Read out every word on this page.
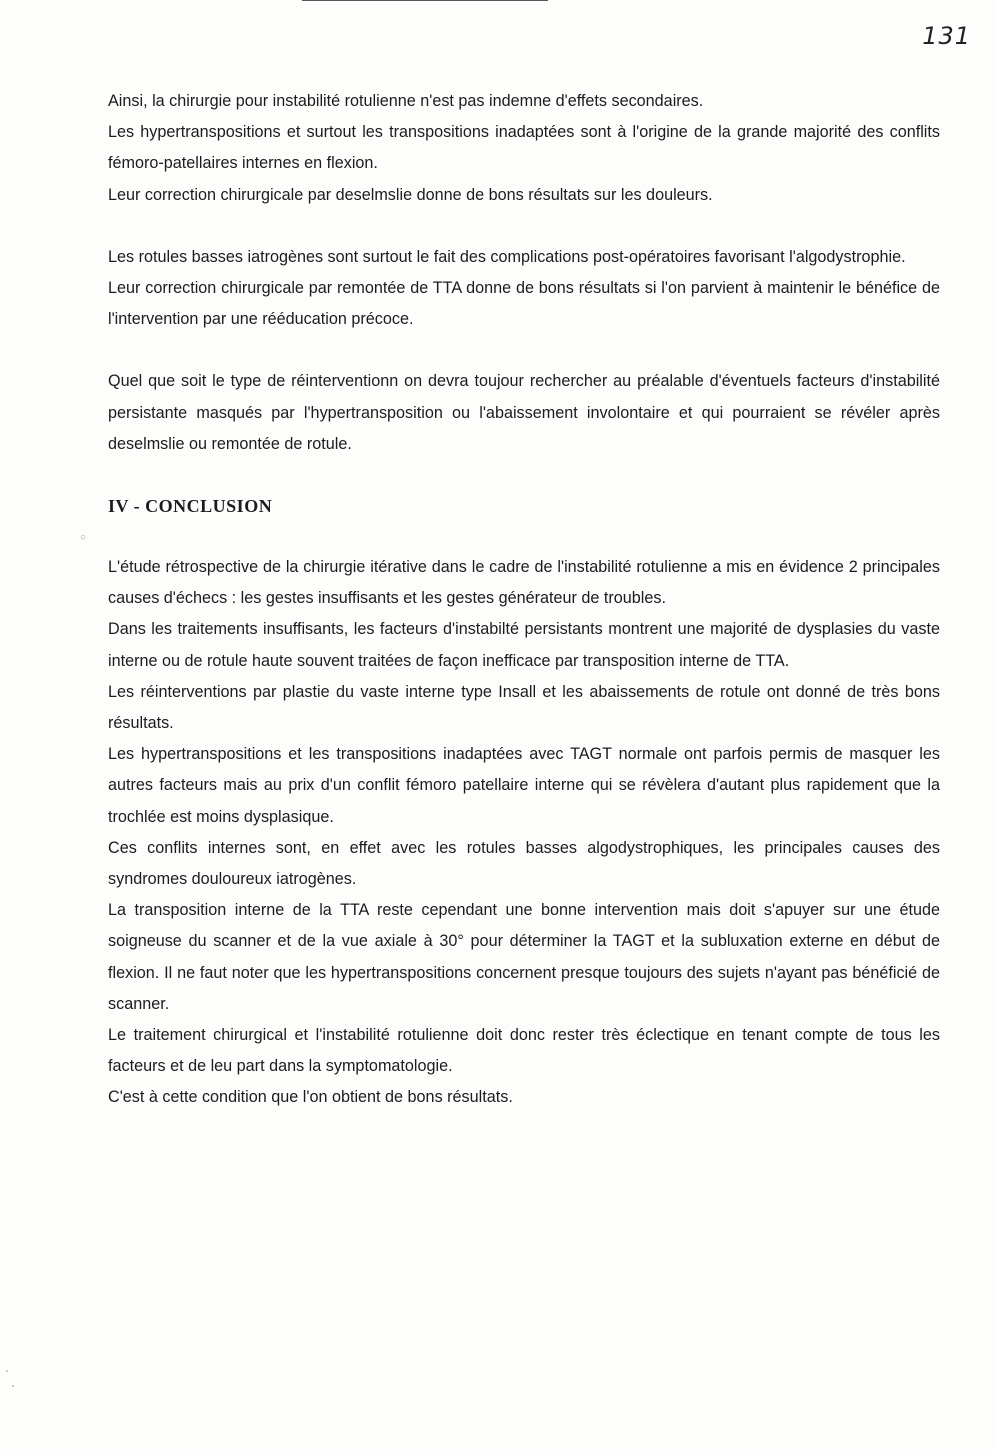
131
○

Ainsi, la chirurgie pour instabilité rotulienne n'est pas indemne d'effets secondaires.

Les hypertranspositions et surtout les transpositions inadaptées sont à l'origine de la grande majorité des conflits fémoro-patellaires internes en flexion.

Leur correction chirurgicale par deselmslie donne de bons résultats sur les douleurs.

Les rotules basses iatrogènes sont surtout le fait des complications post-opératoires favorisant l'algodystrophie.

Leur correction chirurgicale par remontée de TTA donne de bons résultats si l'on parvient à maintenir le bénéfice de l'intervention par une rééducation précoce.

Quel que soit le type de réinterventionn on devra toujour rechercher au préalable d'éventuels facteurs d'instabilité persistante masqués par l'hypertransposition ou l'abaissement involontaire et qui pourraient se révéler après deselmslie ou remontée de rotule.

IV - CONCLUSION

L'étude rétrospective de la chirurgie itérative dans le cadre de l'instabilité rotulienne a mis en évidence 2 principales causes d'échecs : les gestes insuffisants et les gestes générateur de troubles.

Dans les traitements insuffisants, les facteurs d'instabilté persistants montrent une majorité de dysplasies du vaste interne ou de rotule haute souvent traitées de façon inefficace par transposition interne de TTA.

Les réinterventions par plastie du vaste interne type Insall et les abaissements de rotule ont donné de très bons résultats.

Les hypertranspositions et les transpositions inadaptées avec TAGT normale ont parfois permis de masquer les autres facteurs mais au prix d'un conflit fémoro patellaire interne qui se révèlera d'autant plus rapidement que la trochlée est moins dysplasique.

Ces conflits internes sont, en effet avec les rotules basses algodystrophiques, les principales causes des syndromes douloureux iatrogènes.

La transposition interne de la TTA reste cependant une bonne intervention mais doit s'apuyer sur une étude soigneuse du scanner et de la vue axiale à 30° pour déterminer la TAGT et la subluxation externe en début de flexion. Il ne faut noter que les hypertranspositions concernent presque toujours des sujets n'ayant pas bénéficié de scanner.

Le traitement chirurgical et l'instabilité rotulienne doit donc rester très éclectique en tenant compte de tous les facteurs et de leu part dans la symptomatologie.

C'est à cette condition que l'on obtient de bons résultats.
